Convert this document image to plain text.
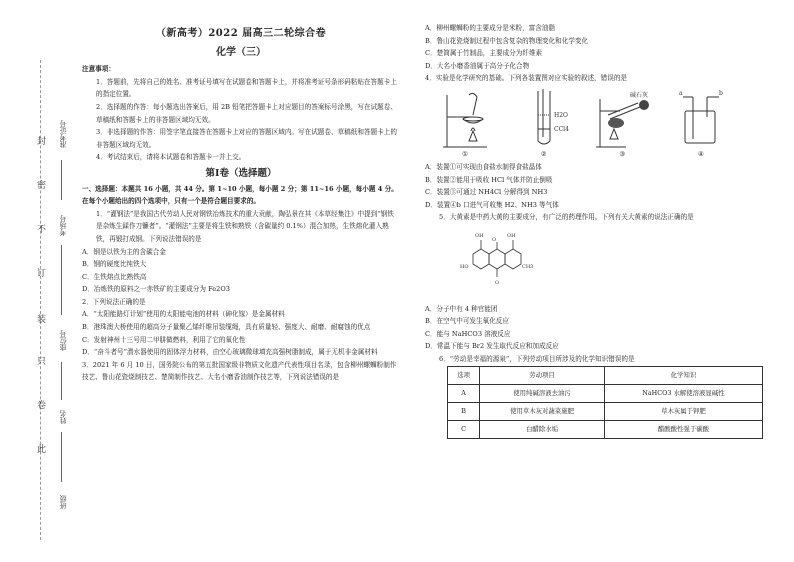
封
密
不
订
装
只
卷
此
准考证号
考场号
座位号
姓名
班级
（新高考）2022 届高三二轮综合卷
化学（三）

注意事项：

1．答题前，先将自己的姓名、准考证号填写在试题卷和答题卡上，并将准考证号条形码粘贴在答题卡上的指定位置。

2．选择题的作答：每小题选出答案后，用 2B 铅笔把答题卡上对应题目的答案标号涂黑，写在试题卷、草稿纸和答题卡上的非答题区域均无效。

3．非选择题的作答：用签字笔直接答在答题卡上对应的答题区域内。写在试题卷、草稿纸和答题卡上的非答题区域均无效。

4．考试结束后，请将本试题卷和答题卡一并上交。

第Ⅰ卷（选择题）

一、选择题：本题共 16 小题，共 44 分。第 1~10 小题，每小题 2 分；第 11~16 小题，每小题 4 分。在每个小题给出的四个选项中，只有一个是符合题目要求的。

1．“灌钢法”是我国古代劳动人民对钢铁冶炼技术的重大贡献，陶弘景在其《本草经集注》中提到“钢铁是杂炼生鍒作刀镰者”。“灌钢法”主要是将生铁和熟铁（含碳量约 0.1%）混合加热，生铁熔化灌入熟铁，再锻打成钢。下列说法错误的是

A．钢是以铁为主的含碳合金

B．钢的硬度比纯铁大

C．生铁熔点比熟铁高

D．冶炼铁的原料之一赤铁矿的主要成分为 Fe2O3

2．下列说法正确的是

A．“太阳能路灯计划”使用的太阳能电池的材料（砷化镓）是金属材料

B．港珠澳大桥使用的超高分子量聚乙烯纤维吊装缆绳，具有质量轻、强度大、耐磨、耐腐蚀的优点

C．发射神州十三号用二甲肼做燃料，利用了它的氧化性

D．“奋斗者号”潜水器使用的固体浮力材料，由空心玻璃微球填充高强树脂制成，属于无机非金属材料

3．2021 年 6 月 10 日，国务院公布的第五批国家级非物质文化遗产代表性项目名录，包含柳州螺蛳粉制作技艺、鲁山花瓷烧制技艺、楚简制作技艺、大名小磨香油制作技艺等，下列说法错误的是

A．柳州螺蛳粉的主要成分是米粉，富含油脂

B．鲁山花瓷烧制过程中包含复杂的物理变化和化学变化

C．楚简属于竹制品，主要成分为纤维素

D．大名小磨香油属于高分子化合物

4．实验是化学研究的基础。下列各装置图对应实验的叙述，错误的是

①
H2O
CCl4
②
碱石灰
③
a	b
④

A．装置①可实现由食盐水制得食盐晶体

B．装置②能用于吸收 HCl 气体并防止倒吸

C．装置③可通过 NH4Cl 分解得到 NH3

D．装置④b 口进气可收集 H2、NH3 等气体

5．大黄素是中药大黄的主要成分，有广泛的药理作用。下列有关大黄素的说法正确的是

OH
O
OH
HO
O
CH3

A．分子中有 4 种官能团

B．在空气中可发生氧化反应

C．能与 NaHCO3 溶液反应

D．常温下能与 Br2 发生取代反应和加成反应

6．“劳动是幸福的源泉”，下列劳动项目所涉及的化学知识错误的是

选项	劳动项目	化学知识
A	使用纯碱溶液去油污	NaHCO3 水解使溶液显碱性
B	使用草木灰对蔬菜施肥	草木灰属于钾肥
C	白醋除水垢	醋酸酸性强于碳酸
